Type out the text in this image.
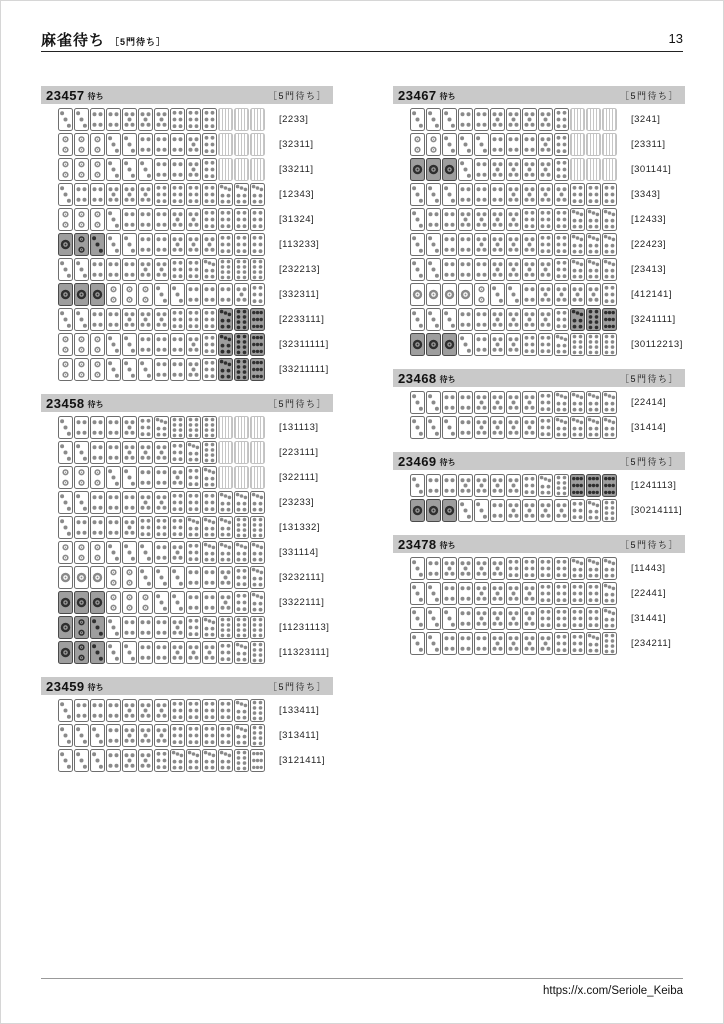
麻雀待ち ［5門待ち］	13
23457 待ち	［5門待ち］
[2233]
[32311]
[33211]
[12343]
[31324]
[113233]
[232213]
[332311]
[2233111]
[32311111]
[33211111]
23458 待ち	［5門待ち］
[131113]
[223111]
[322111]
[23233]
[131332]
[331114]
[3232111]
[3322111]
[11231113]
[11323111]
23459 待ち	［5門待ち］
[133411]
[313411]
[3121411]
23467 待ち	［5門待ち］
[3241]
[23311]
[301141]
[3343]
[12433]
[22423]
[23413]
[412141]
[3241111]
[30112213]
23468 待ち	［5門待ち］
[22414]
[31414]
23469 待ち	［5門待ち］
[1241113]
[30214111]
23478 待ち	［5門待ち］
[11443]
[22441]
[31441]
[234211]
https://x.com/Seriole_Keiba
